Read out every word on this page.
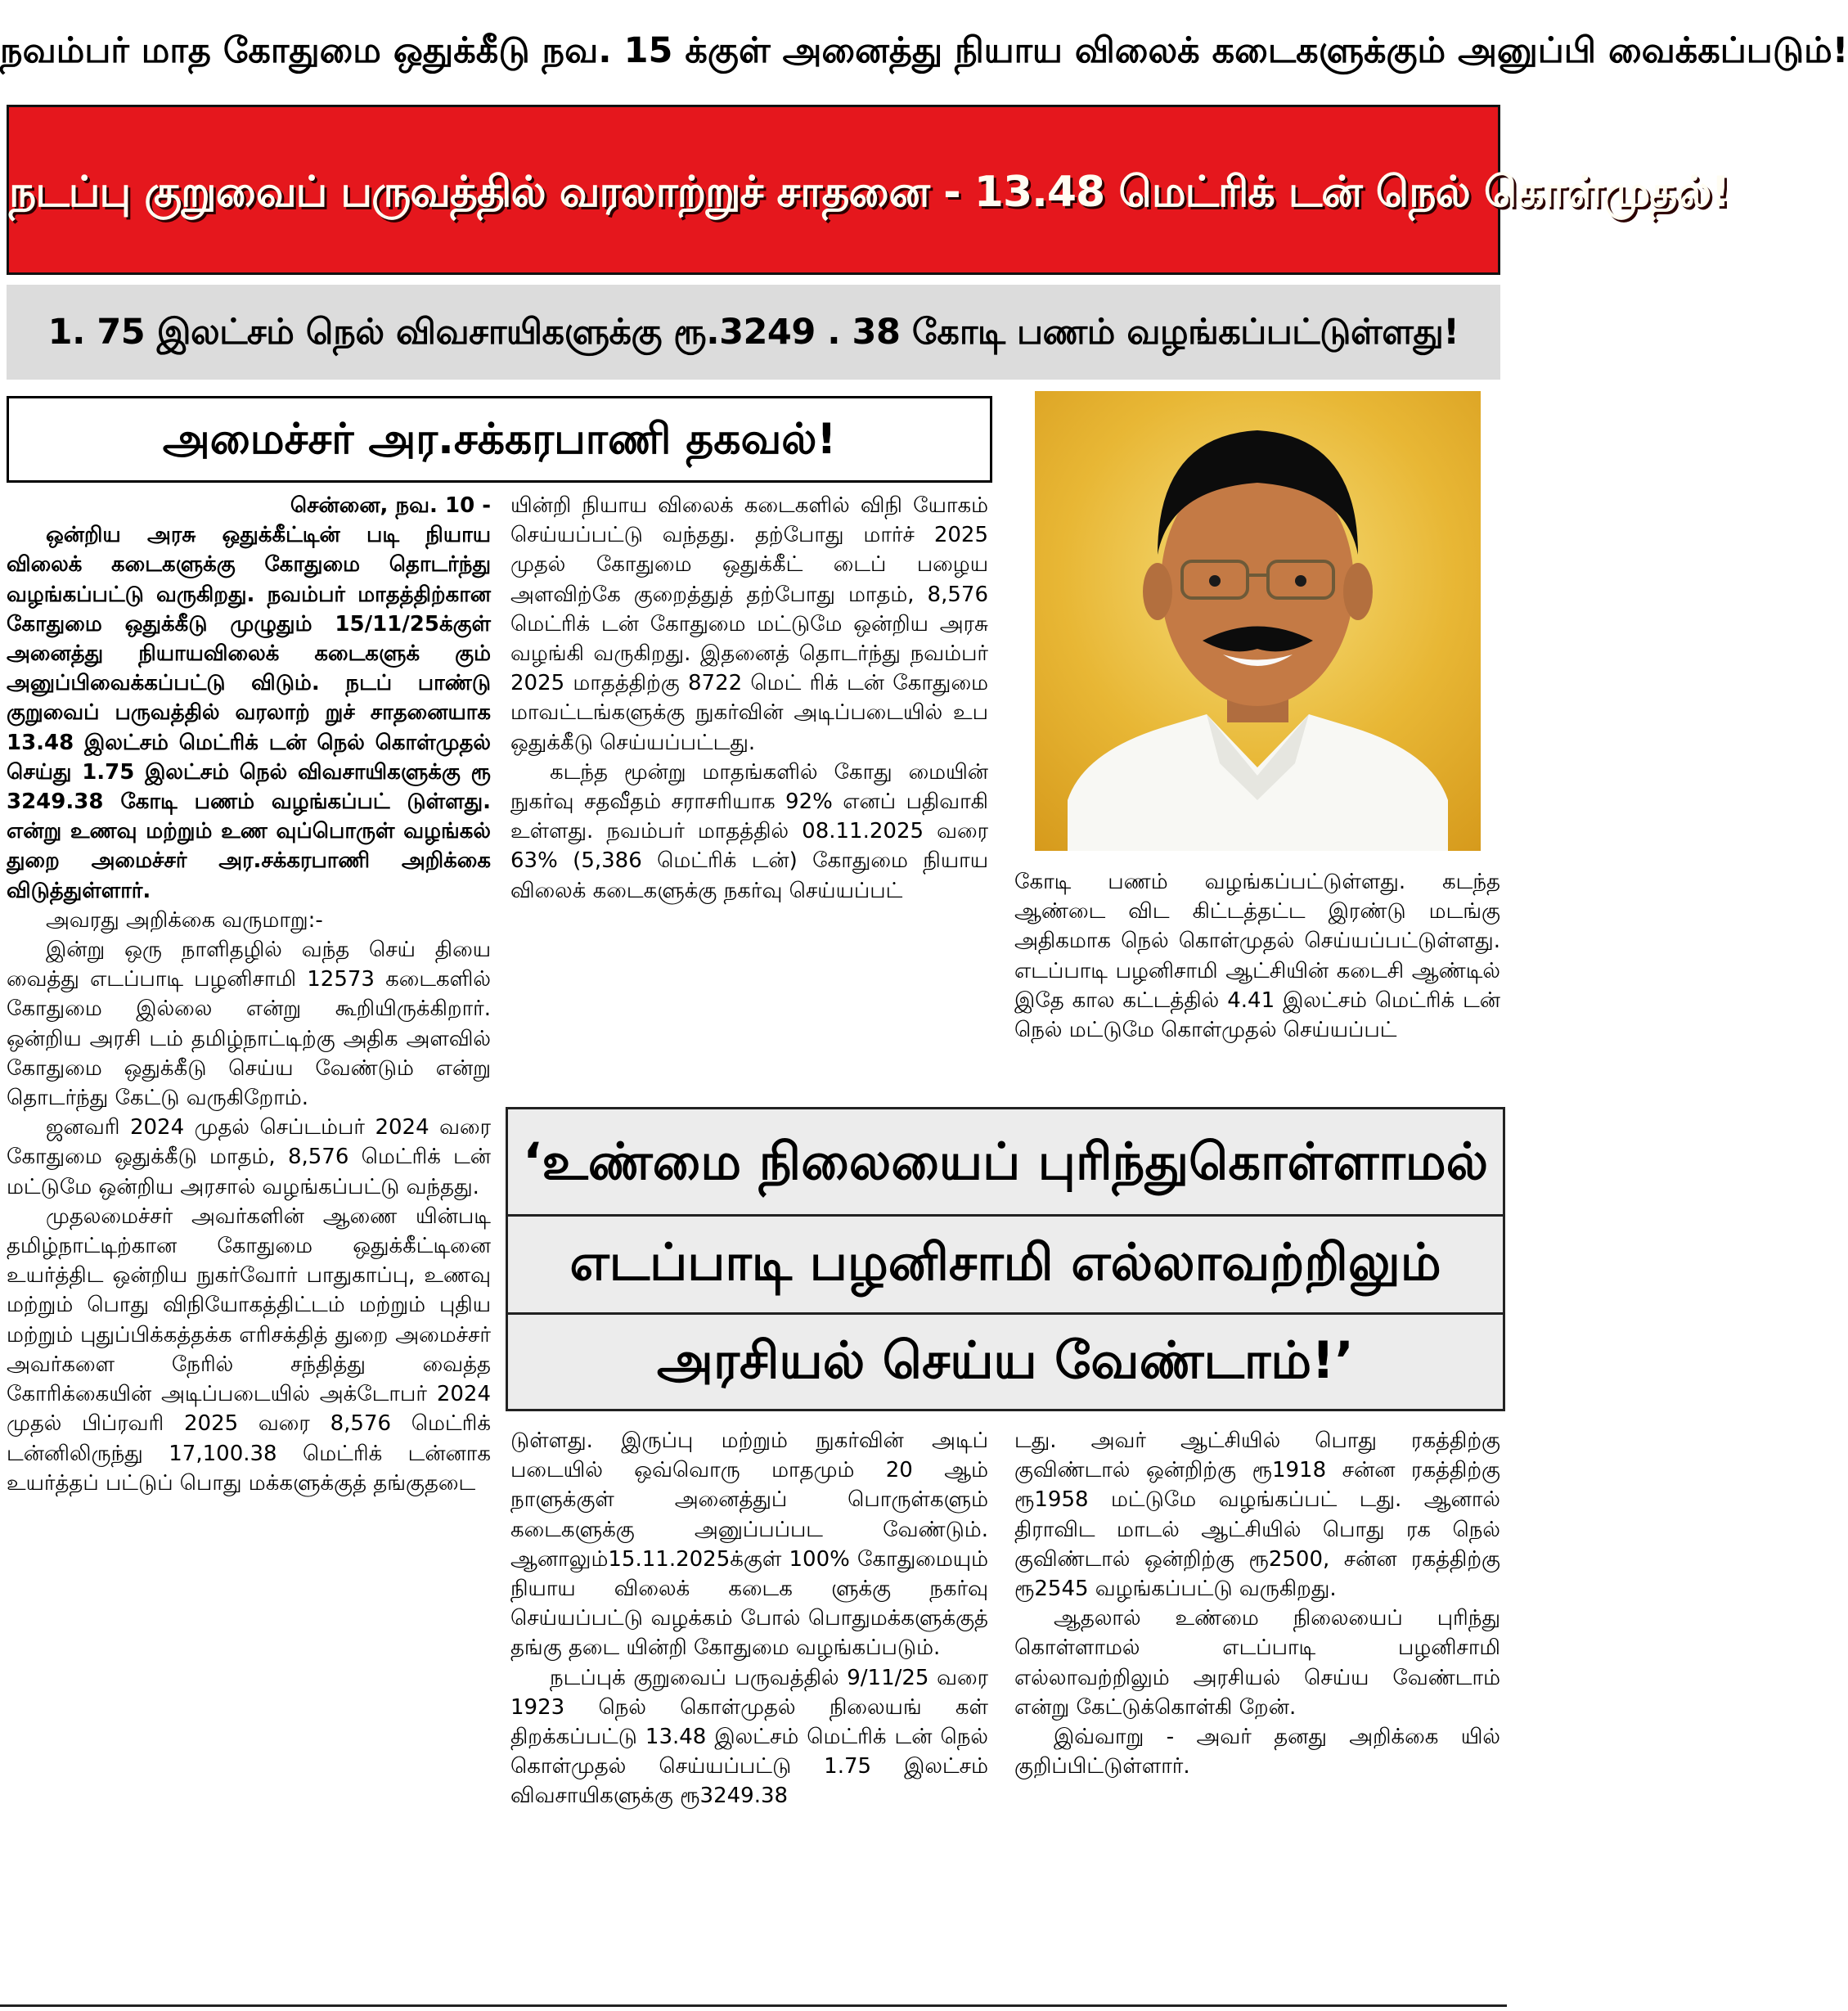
நவம்பர் மாத கோதுமை ஒதுக்கீடு நவ. 15 க்குள் அனைத்து நியாய விலைக் கடைகளுக்கும் அனுப்பி வைக்கப்படும்!
நடப்பு குறுவைப் பருவத்தில் வரலாற்றுச் சாதனை - 13.48 மெட்ரிக் டன் நெல் கொள்முதல்!
1. 75 இலட்சம் நெல் விவசாயிகளுக்கு ரூ.3249 . 38 கோடி பணம் வழங்கப்பட்டுள்ளது!
அமைச்சர் அர.சக்கரபாணி தகவல்!

சென்னை, நவ. 10 -

ஒன்றிய அரசு ஒதுக்கீட்டின் படி நியாய விலைக் கடைகளுக்கு கோதுமை தொடர்ந்து வழங்கப்பட்டு வருகிறது. நவம்பர் மாதத்திற்கான கோதுமை ஒதுக்கீடு முழுதும் 15/11/25க்குள் அனைத்து நியாயவிலைக் கடைகளுக் கும் அனுப்பிவைக்கப்பட்டு விடும். நடப் பாண்டு குறுவைப் பருவத்தில் வரலாற் றுச் சாதனையாக 13.48 இலட்சம் மெட்ரிக் டன் நெல் கொள்முதல் செய்து 1.75 இலட்சம் நெல் விவசாயிகளுக்கு ரூ 3249.38 கோடி பணம் வழங்கப்பட் டுள்ளது. என்று உணவு மற்றும் உண வுப்பொருள் வழங்கல் துறை அமைச்சர் அர.சக்கரபாணி அறிக்கை விடுத்துள்ளார்.

அவரது அறிக்கை வருமாறு:-

இன்று ஒரு நாளிதழில் வந்த செய் தியை வைத்து எடப்பாடி பழனிசாமி 12573 கடைகளில் கோதுமை இல்லை என்று கூறியிருக்கிறார். ஒன்றிய அரசி டம் தமிழ்நாட்டிற்கு அதிக அளவில் கோதுமை ஒதுக்கீடு செய்ய வேண்டும் என்று தொடர்ந்து கேட்டு வருகிறோம்.

ஜனவரி 2024 முதல் செப்டம்பர் 2024 வரை கோதுமை ஒதுக்கீடு மாதம், 8,576 மெட்ரிக் டன் மட்டுமே ஒன்றிய அரசால் வழங்கப்பட்டு வந்தது.

முதலமைச்சர் அவர்களின் ஆணை யின்படி தமிழ்நாட்டிற்கான கோதுமை ஒதுக்கீட்டினை உயர்த்திட ஒன்றிய நுகர்வோர் பாதுகாப்பு, உணவு மற்றும் பொது விநியோகத்திட்டம் மற்றும் புதிய மற்றும் புதுப்பிக்கத்தக்க எரிசக்தித் துறை அமைச்சர் அவர்களை நேரில் சந்தித்து வைத்த கோரிக்கையின் அடிப்படையில் அக்டோபர் 2024 முதல் பிப்ரவரி 2025 வரை 8,576 மெட்ரிக் டன்னிலிருந்து 17,100.38 மெட்ரிக் டன்னாக உயர்த்தப் பட்டுப் பொது மக்களுக்குத் தங்குதடை

யின்றி நியாய விலைக் கடைகளில் விநி யோகம் செய்யப்பட்டு வந்தது. தற்போது மார்ச் 2025 முதல் கோதுமை ஒதுக்கீட் டைப் பழைய அளவிற்கே குறைத்துத் தற்போது மாதம், 8,576 மெட்ரிக் டன் கோதுமை மட்டுமே ஒன்றிய அரசு வழங்கி வருகிறது. இதனைத் தொடர்ந்து நவம்பர் 2025 மாதத்திற்கு 8722 மெட் ரிக் டன் கோதுமை மாவட்டங்களுக்கு நுகர்வின் அடிப்படையில் உப ஒதுக்கீடு செய்யப்பட்டது.

கடந்த மூன்று மாதங்களில் கோது மையின் நுகர்வு சதவீதம் சராசரியாக 92% எனப் பதிவாகி உள்ளது. நவம்பர் மாதத்தில் 08.11.2025 வரை 63% (5,386 மெட்ரிக் டன்) கோதுமை நியாய விலைக் கடைகளுக்கு நகர்வு செய்யப்பட்	கோடி பணம் வழங்கப்பட்டுள்ளது. கடந்த ஆண்டை விட கிட்டத்தட்ட இரண்டு மடங்கு அதிகமாக நெல் கொள்முதல் செய்யப்பட்டுள்ளது. எடப்பாடி பழனிசாமி ஆட்சியின் கடைசி ஆண்டில் இதே கால கட்டத்தில் 4.41 இலட்சம் மெட்ரிக் டன் நெல் மட்டுமே கொள்முதல் செய்யப்பட்

‘உண்மை நிலையைப் புரிந்துகொள்ளாமல்
எடப்பாடி பழனிசாமி எல்லாவற்றிலும்
அரசியல் செய்ய வேண்டாம்!’

டுள்ளது. இருப்பு மற்றும் நுகர்வின் அடிப் படையில் ஒவ்வொரு மாதமும் 20 ஆம் நாளுக்குள் அனைத்துப் பொருள்களும் கடைகளுக்கு அனுப்பப்பட வேண்டும். ஆனாலும்15.11.2025க்குள் 100% கோதுமையும் நியாய விலைக் கடைக ளுக்கு நகர்வு செய்யப்பட்டு வழக்கம் போல் பொதுமக்களுக்குத் தங்கு தடை யின்றி கோதுமை வழங்கப்படும்.

நடப்புக் குறுவைப் பருவத்தில் 9/11/25 வரை 1923 நெல் கொள்முதல் நிலையங் கள் திறக்கப்பட்டு 13.48 இலட்சம் மெட்ரிக் டன் நெல் கொள்முதல் செய்யப்பட்டு 1.75 இலட்சம் விவசாயிகளுக்கு ரூ3249.38

டது. அவர் ஆட்சியில் பொது ரகத்திற்கு குவிண்டால் ஒன்றிற்கு ரூ1918 சன்ன ரகத்திற்கு ரூ1958 மட்டுமே வழங்கப்பட் டது. ஆனால் திராவிட மாடல் ஆட்சியில் பொது ரக நெல் குவிண்டால் ஒன்றிற்கு ரூ2500, சன்ன ரகத்திற்கு ரூ2545 வழங்கப்பட்டு வருகிறது.

ஆதலால் உண்மை நிலையைப் புரிந்து கொள்ளாமல் எடப்பாடி பழனிசாமி எல்லாவற்றிலும் அரசியல் செய்ய வேண்டாம் என்று கேட்டுக்கொள்கி றேன்.

இவ்வாறு - அவர் தனது அறிக்கை யில் குறிப்பிட்டுள்ளார்.
